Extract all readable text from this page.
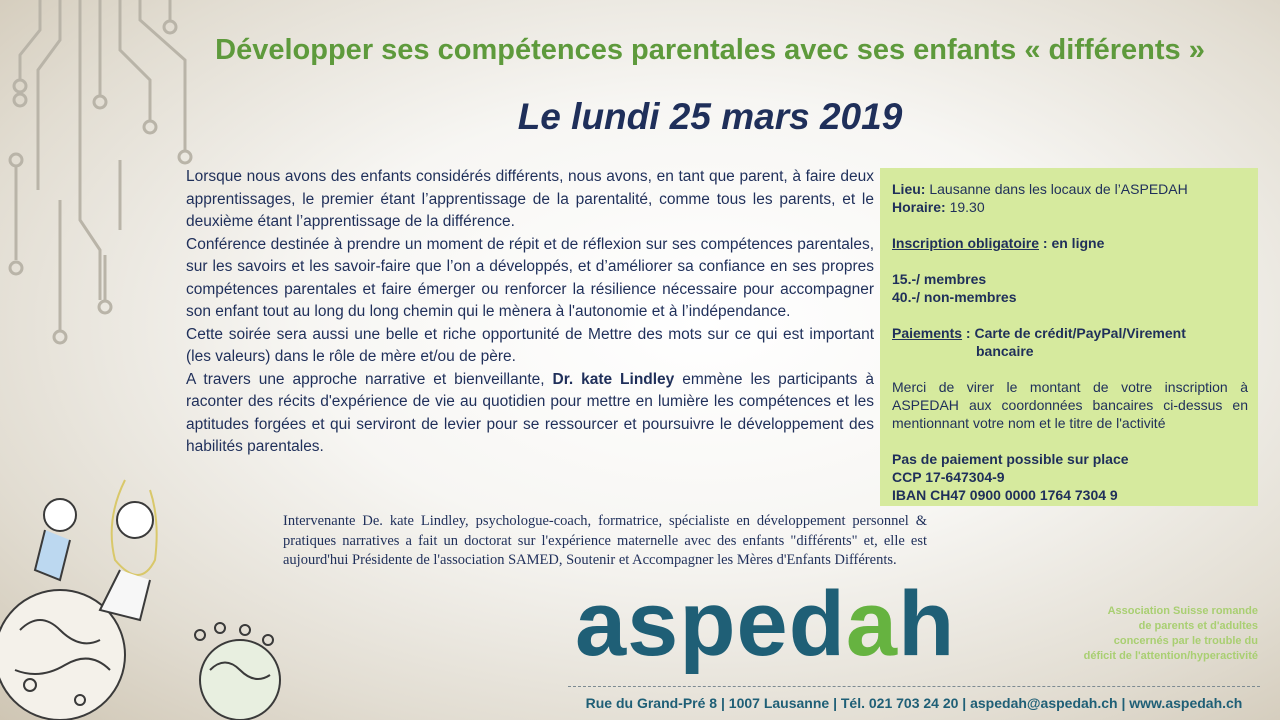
Développer ses compétences parentales avec ses enfants « différents »
Le lundi 25 mars 2019

Lorsque nous avons des enfants considérés différents, nous avons, en tant que parent, à faire deux apprentissages, le premier étant l’apprentissage de la parentalité, comme tous les parents, et le deuxième étant l’apprentissage de la différence.

Conférence destinée à prendre un moment de répit et de réflexion sur ses compétences parentales, sur les savoirs et les savoir-faire que l’on a développés, et d’améliorer sa confiance en ses propres compétences parentales et faire émerger ou renforcer la résilience nécessaire pour accompagner son enfant tout au long du long chemin qui le mènera à l'autonomie et à l’indépendance.

Cette soirée sera aussi une belle et riche opportunité de Mettre des mots sur ce qui est important (les valeurs) dans le rôle de mère et/ou de père.

A travers une approche narrative et bienveillante, Dr. kate Lindley emmène les participants à raconter des récits d'expérience de vie au quotidien pour mettre en lumière les compétences et les aptitudes forgées et qui serviront de levier pour se ressourcer et poursuivre le développement des habilités parentales.

Lieu: Lausanne dans les locaux de l’ASPEDAH

Horaire: 19.30

Inscription obligatoire : en ligne

15.-/ membres

40.-/ non-membres

Paiements : Carte de crédit/PayPal/Virement

bancaire

Merci de virer le montant de votre inscription à ASPEDAH aux coordonnées bancaires ci-dessus en mentionnant votre nom et le titre de l'activité

Pas de paiement possible sur place

CCP 17-647304-9

IBAN CH47 0900 0000 1764 7304 9

Intervenante De. kate Lindley, psychologue-coach, formatrice, spécialiste en développement personnel & pratiques narratives a fait un doctorat sur l'expérience maternelle avec des enfants "différents" et, elle est aujourd'hui Présidente de l'association SAMED, Soutenir et Accompagner les Mères d'Enfants Différents.

aspedah	Association Suisse romande

de parents et d'adultes

concernés par le trouble du

déficit de l'attention/hyperactivité

Rue du Grand-Pré 8 | 1007 Lausanne | Tél. 021 703 24 20 | aspedah@aspedah.ch | www.aspedah.ch
